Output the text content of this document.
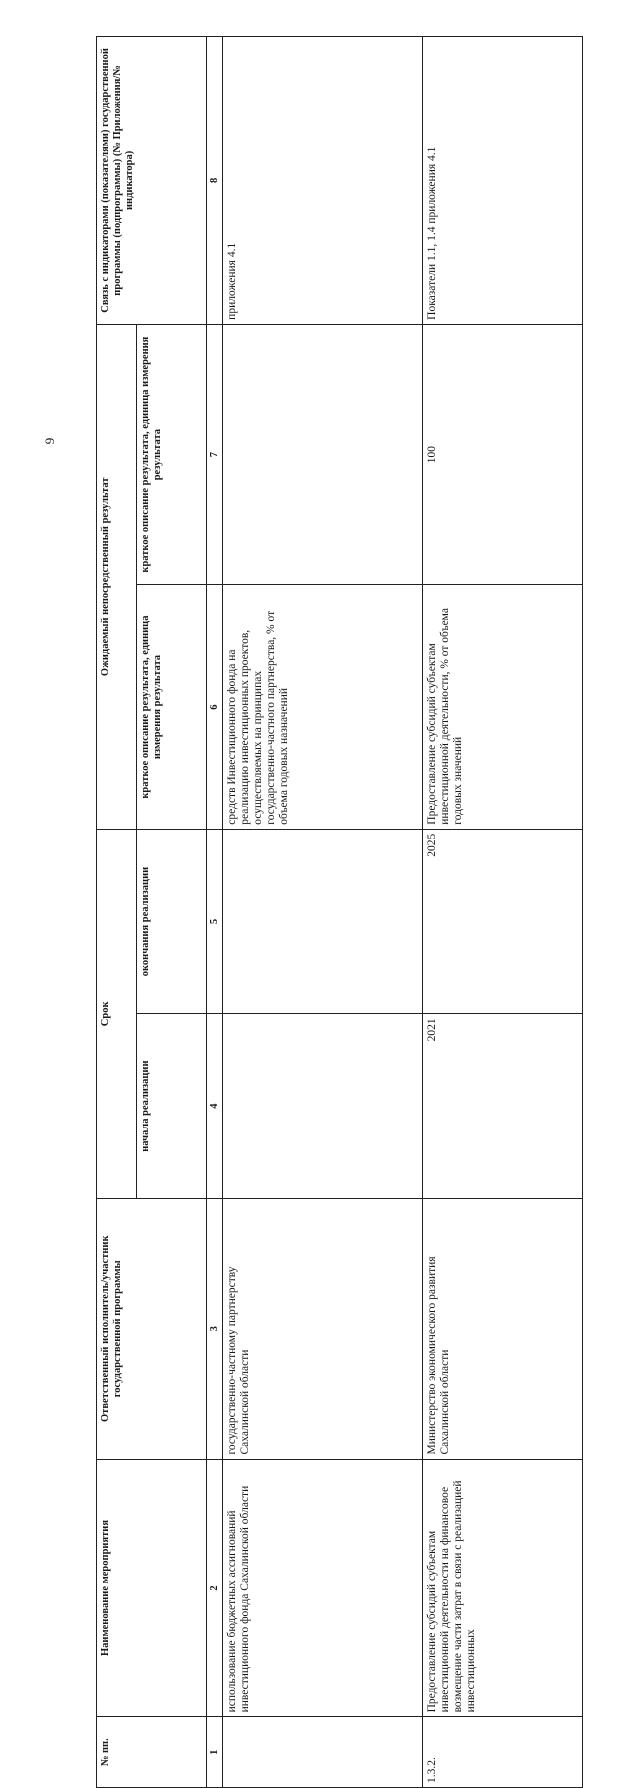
9
№ пп.	Наименование мероприятия	Ответственный исполнитель/участник государственной программы	Срок		Ожидаемый непосредственный результат		Связь с индикаторами (показателями) государственной программы (подпрограммы) (№ Приложения/№ индикатора)
			начала реализации	окончания реализации	краткое описание результата, единица измерения результата	краткое описание результата, единица измерения результата	
1	2	3	4	5	6	7	8
	использование бюджетных ассигнований инвестиционного фонда Сахалинской области	государственно-частному партнерству Сахалинской области			средств Инвестиционного фонда на реализацию инвестиционных проектов, осуществляемых на принципах государственно-частного партнерства, % от объема годовых назначений		приложения 4.1
1.3.2.	Предоставление субсидий субъектам инвестиционной деятельности на финансовое возмещение части затрат в связи с реализацией инвестиционных	Министерство экономического развития Сахалинской области	2021	2025	Предоставление субсидий субъектам инвестиционной деятельности, % от объема годовых значений	100	Показатели 1.1, 1.4 приложения 4.1
